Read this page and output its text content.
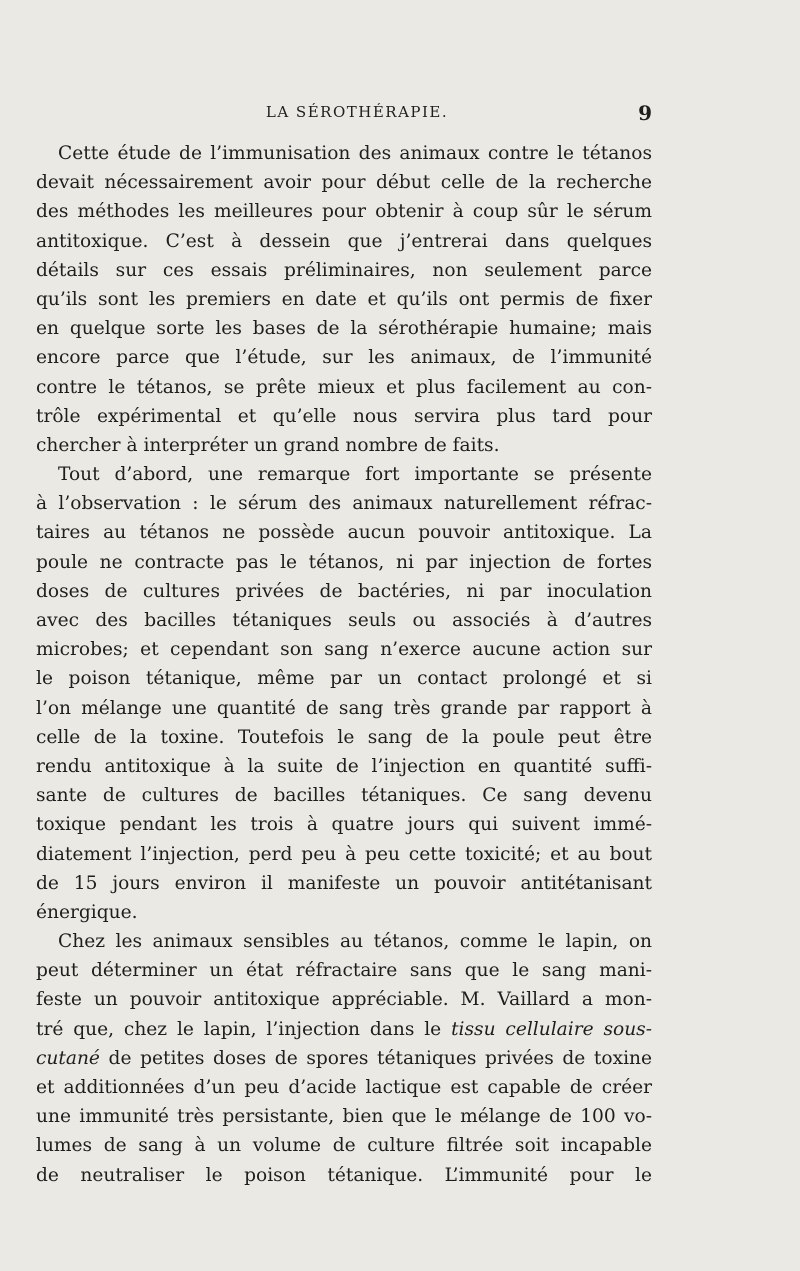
LA SÉROTHÉRAPIE.	9
Cette étude de l’immunisation des animaux contre le tétanos
devait nécessairement avoir pour début celle de la recherche
des méthodes les meilleures pour obtenir à coup sûr le sérum
antitoxique. C’est à dessein que j’entrerai dans quelques
détails sur ces essais préliminaires, non seulement parce
qu’ils sont les premiers en date et qu’ils ont permis de fixer
en quelque sorte les bases de la sérothérapie humaine; mais
encore parce que l’étude, sur les animaux, de l’immunité
contre le tétanos, se prête mieux et plus facilement au con-
trôle expérimental et qu’elle nous servira plus tard pour
chercher à interpréter un grand nombre de faits.
Tout d’abord, une remarque fort importante se présente
à l’observation : le sérum des animaux naturellement réfrac-
taires au tétanos ne possède aucun pouvoir antitoxique. La
poule ne contracte pas le tétanos, ni par injection de fortes
doses de cultures privées de bactéries, ni par inoculation
avec des bacilles tétaniques seuls ou associés à d’autres
microbes; et cependant son sang n’exerce aucune action sur
le poison tétanique, même par un contact prolongé et si
l’on mélange une quantité de sang très grande par rapport à
celle de la toxine. Toutefois le sang de la poule peut être
rendu antitoxique à la suite de l’injection en quantité suffi-
sante de cultures de bacilles tétaniques. Ce sang devenu
toxique pendant les trois à quatre jours qui suivent immé-
diatement l’injection, perd peu à peu cette toxicité; et au bout
de 15 jours environ il manifeste un pouvoir antitétanisant
énergique.
Chez les animaux sensibles au tétanos, comme le lapin, on
peut déterminer un état réfractaire sans que le sang mani-
feste un pouvoir antitoxique appréciable. M. Vaillard a mon-
tré que, chez le lapin, l’injection dans le tissu cellulaire sous-
cutané de petites doses de spores tétaniques privées de toxine
et additionnées d’un peu d’acide lactique est capable de créer
une immunité très persistante, bien que le mélange de 100 vo-
lumes de sang à un volume de culture filtrée soit incapable
de neutraliser le poison tétanique. L’immunité pour le
